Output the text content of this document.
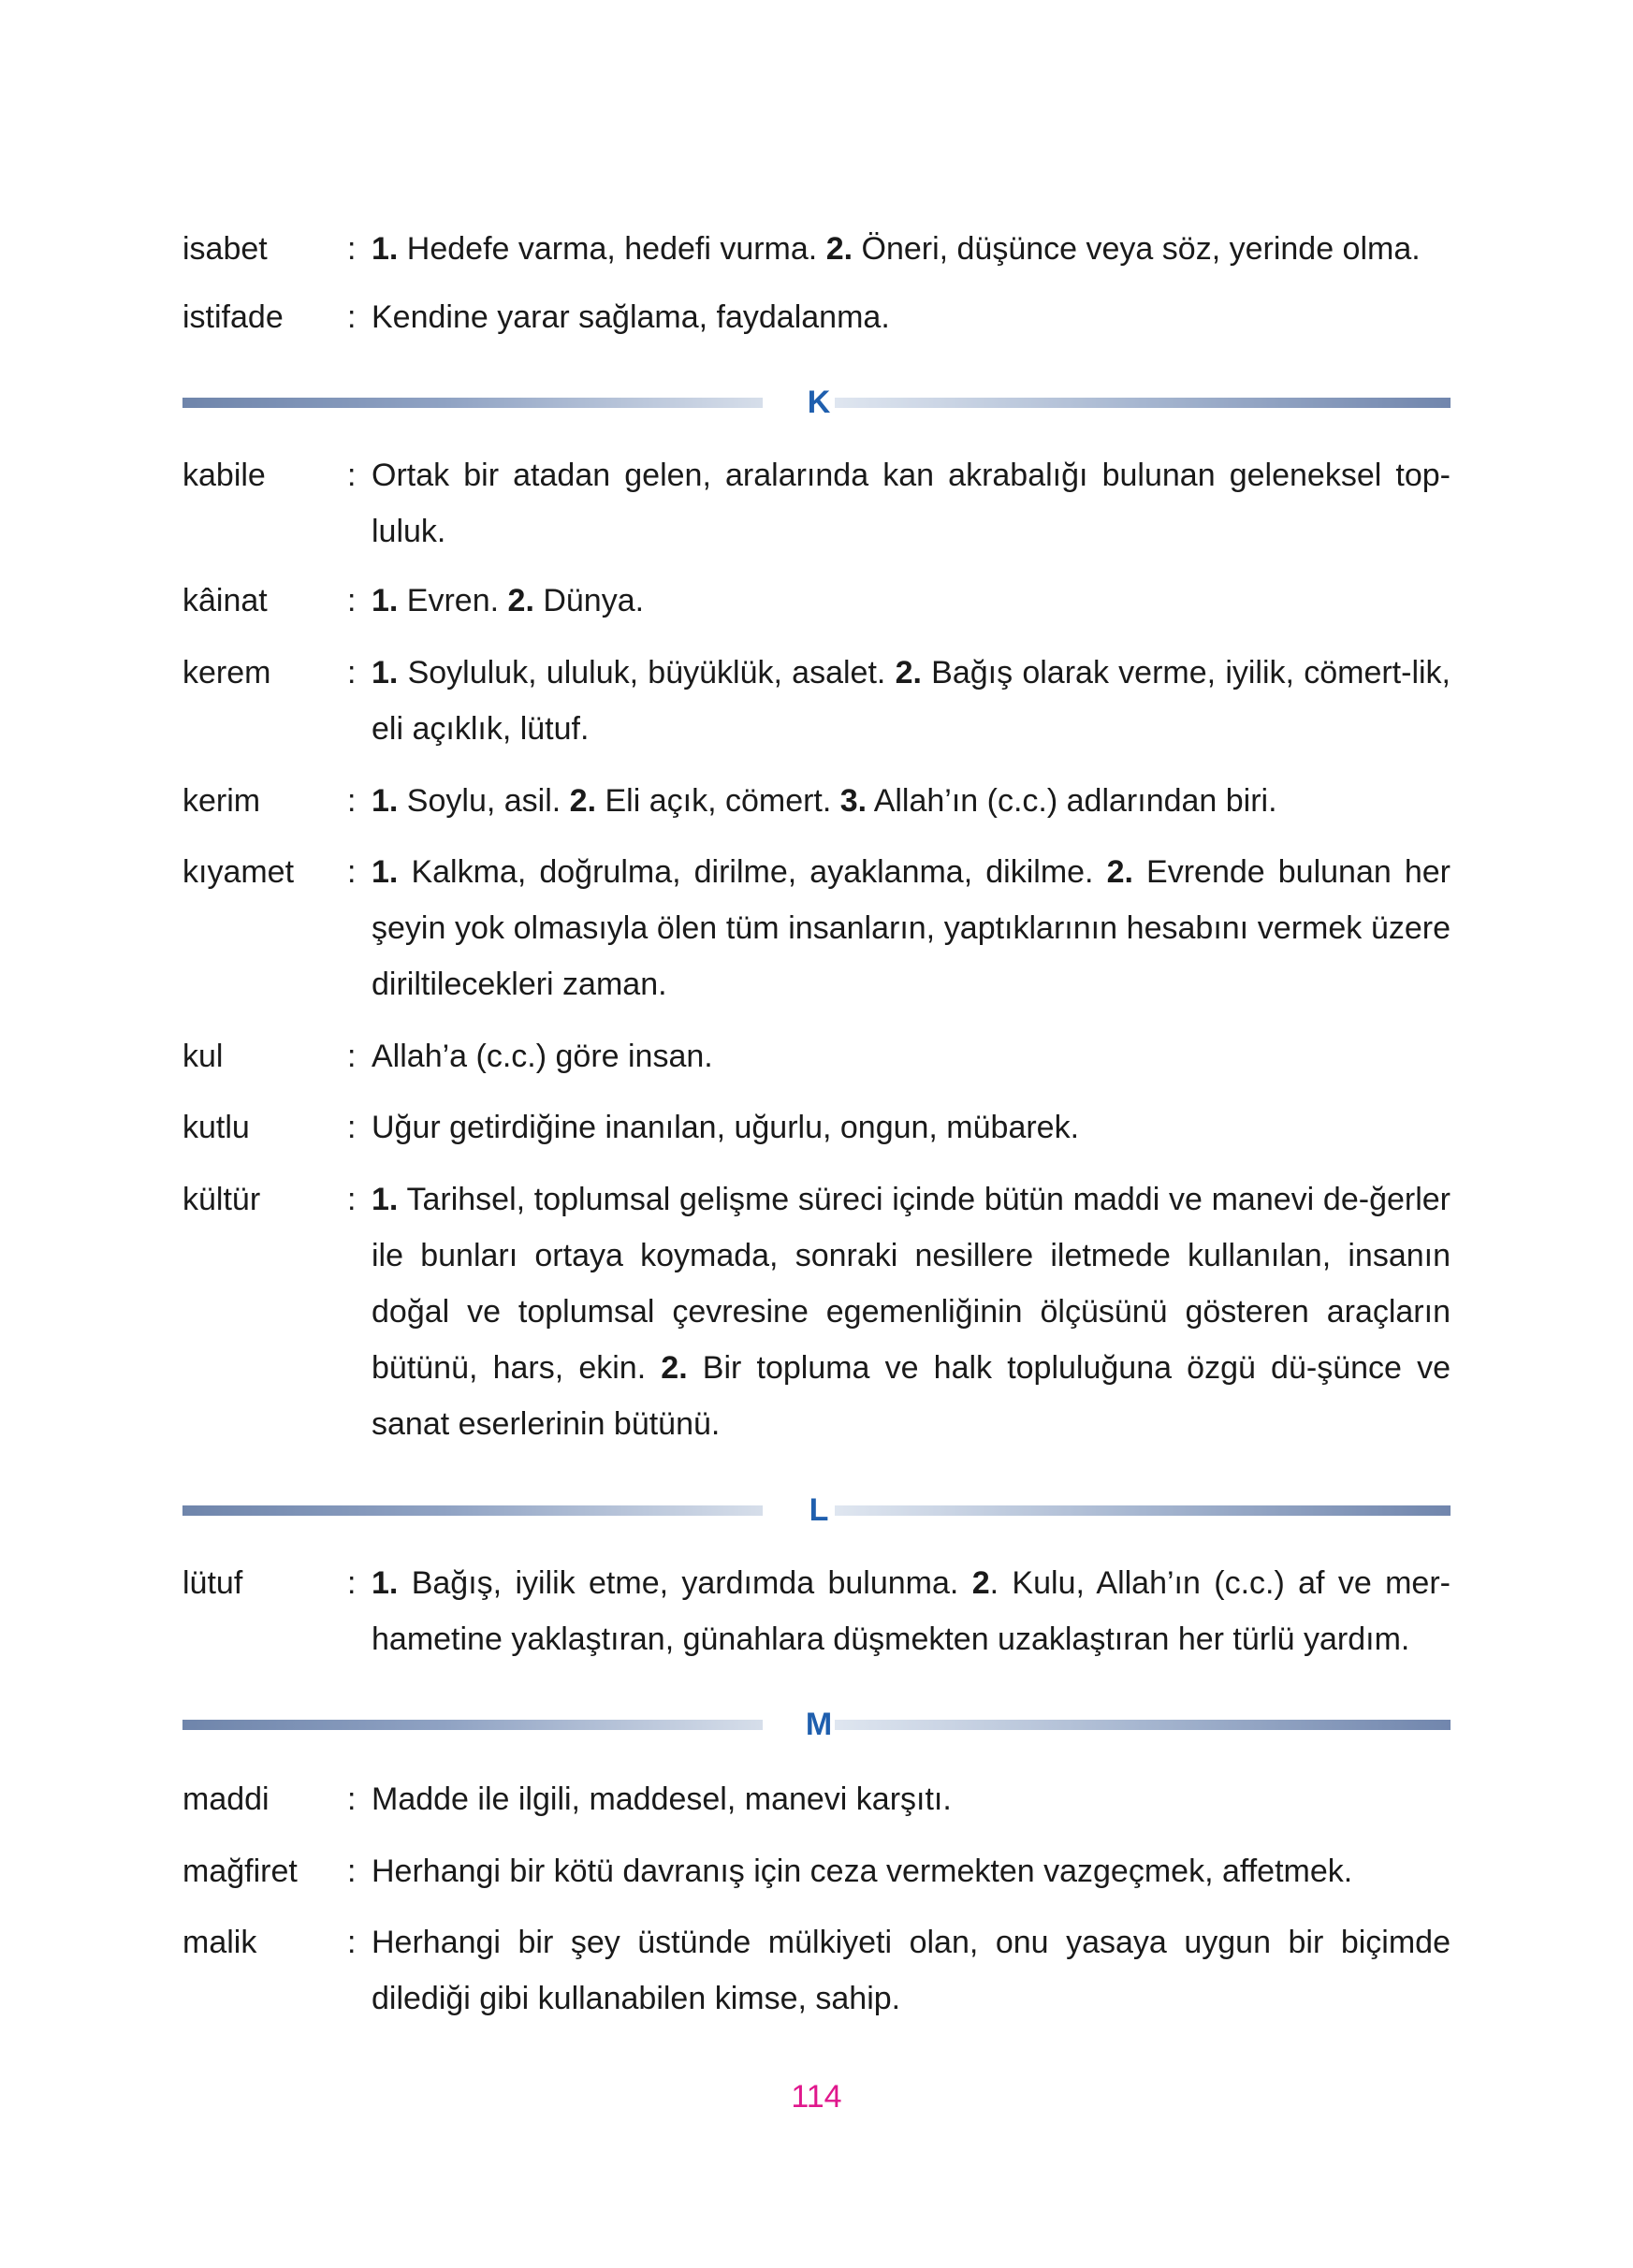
isabet	: 1. Hedefe varma, hedefi vurma. 2. Öneri, düşünce veya söz, yerinde olma.
istifade	: Kendine yarar sağlama, faydalanma.
K
kabile	: Ortak bir atadan gelen, aralarında kan akrabalığı bulunan geleneksel top-luluk.
kâinat	: 1. Evren. 2. Dünya.
kerem	: 1. Soyluluk, ululuk, büyüklük, asalet. 2. Bağış olarak verme, iyilik, cömert-lik, eli açıklık, lütuf.
kerim	: 1. Soylu, asil. 2. Eli açık, cömert. 3. Allah’ın (c.c.) adlarından biri.
kıyamet	: 1. Kalkma, doğrulma, dirilme, ayaklanma, dikilme. 2. Evrende bulunan her şeyin yok olmasıyla ölen tüm insanların, yaptıklarının hesabını vermek üzere diriltilecekleri zaman.
kul	: Allah’a (c.c.) göre insan.
kutlu	: Uğur getirdiğine inanılan, uğurlu, ongun, mübarek.
kültür	: 1. Tarihsel, toplumsal gelişme süreci içinde bütün maddi ve manevi de-ğerler ile bunları ortaya koymada, sonraki nesillere iletmede kullanılan, insanın doğal ve toplumsal çevresine egemenliğinin ölçüsünü gösteren araçların bütünü, hars, ekin. 2. Bir topluma ve halk topluluğuna özgü dü-şünce ve sanat eserlerinin bütünü.
L
lütuf	: 1. Bağış, iyilik etme, yardımda bulunma. 2. Kulu, Allah’ın (c.c.) af ve mer-hametine yaklaştıran, günahlara düşmekten uzaklaştıran her türlü yardım.
M
maddi	: Madde ile ilgili, maddesel, manevi karşıtı.
mağfiret	: Herhangi bir kötü davranış için ceza vermekten vazgeçmek, affetmek.
malik	: Herhangi bir şey üstünde mülkiyeti olan, onu yasaya uygun bir biçimde dilediği gibi kullanabilen kimse, sahip.
114
